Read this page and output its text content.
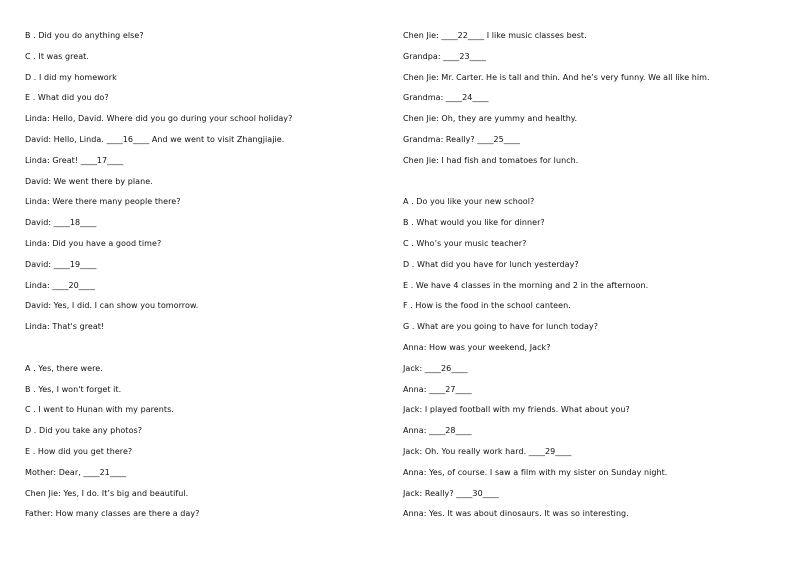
B . Did you do anything else?
C . It was great.
D . I did my homework
E . What did you do?
Linda: Hello, David. Where did you go during your school holiday?
David: Hello, Linda. ____16____ And we went to visit Zhangjiajie.
Linda: Great! ____17____
David: We went there by plane.
Linda: Were there many people there?
David: ____18____
Linda: Did you have a good time?
David: ____19____
Linda: ____20____
David: Yes, I did. I can show you tomorrow.
Linda: That's great!
A . Yes, there were.
B . Yes, I won't forget it.
C . I went to Hunan with my parents.
D . Did you take any photos?
E . How did you get there?
Mother: Dear, ____21____
Chen Jie: Yes, I do. It’s big and beautiful.
Father: How many classes are there a day?
Chen Jie: ____22____ I like music classes best.
Grandpa: ____23____
Chen Jie: Mr. Carter. He is tall and thin. And he’s very funny. We all like him.
Grandma: ____24____
Chen Jie: Oh, they are yummy and healthy.
Grandma: Really? ____25____
Chen Jie: I had fish and tomatoes for lunch.
A . Do you like your new school?
B . What would you like for dinner?
C . Who’s your music teacher?
D . What did you have for lunch yesterday?
E . We have 4 classes in the morning and 2 in the afternoon.
F . How is the food in the school canteen.
G . What are you going to have for lunch today?
Anna: How was your weekend, Jack?
Jack: ____26____
Anna: ____27____
Jack: I played football with my friends. What about you?
Anna: ____28____
Jack: Oh. You really work hard. ____29____
Anna: Yes, of course. I saw a film with my sister on Sunday night.
Jack: Really? ____30____
Anna: Yes. It was about dinosaurs. It was so interesting.
